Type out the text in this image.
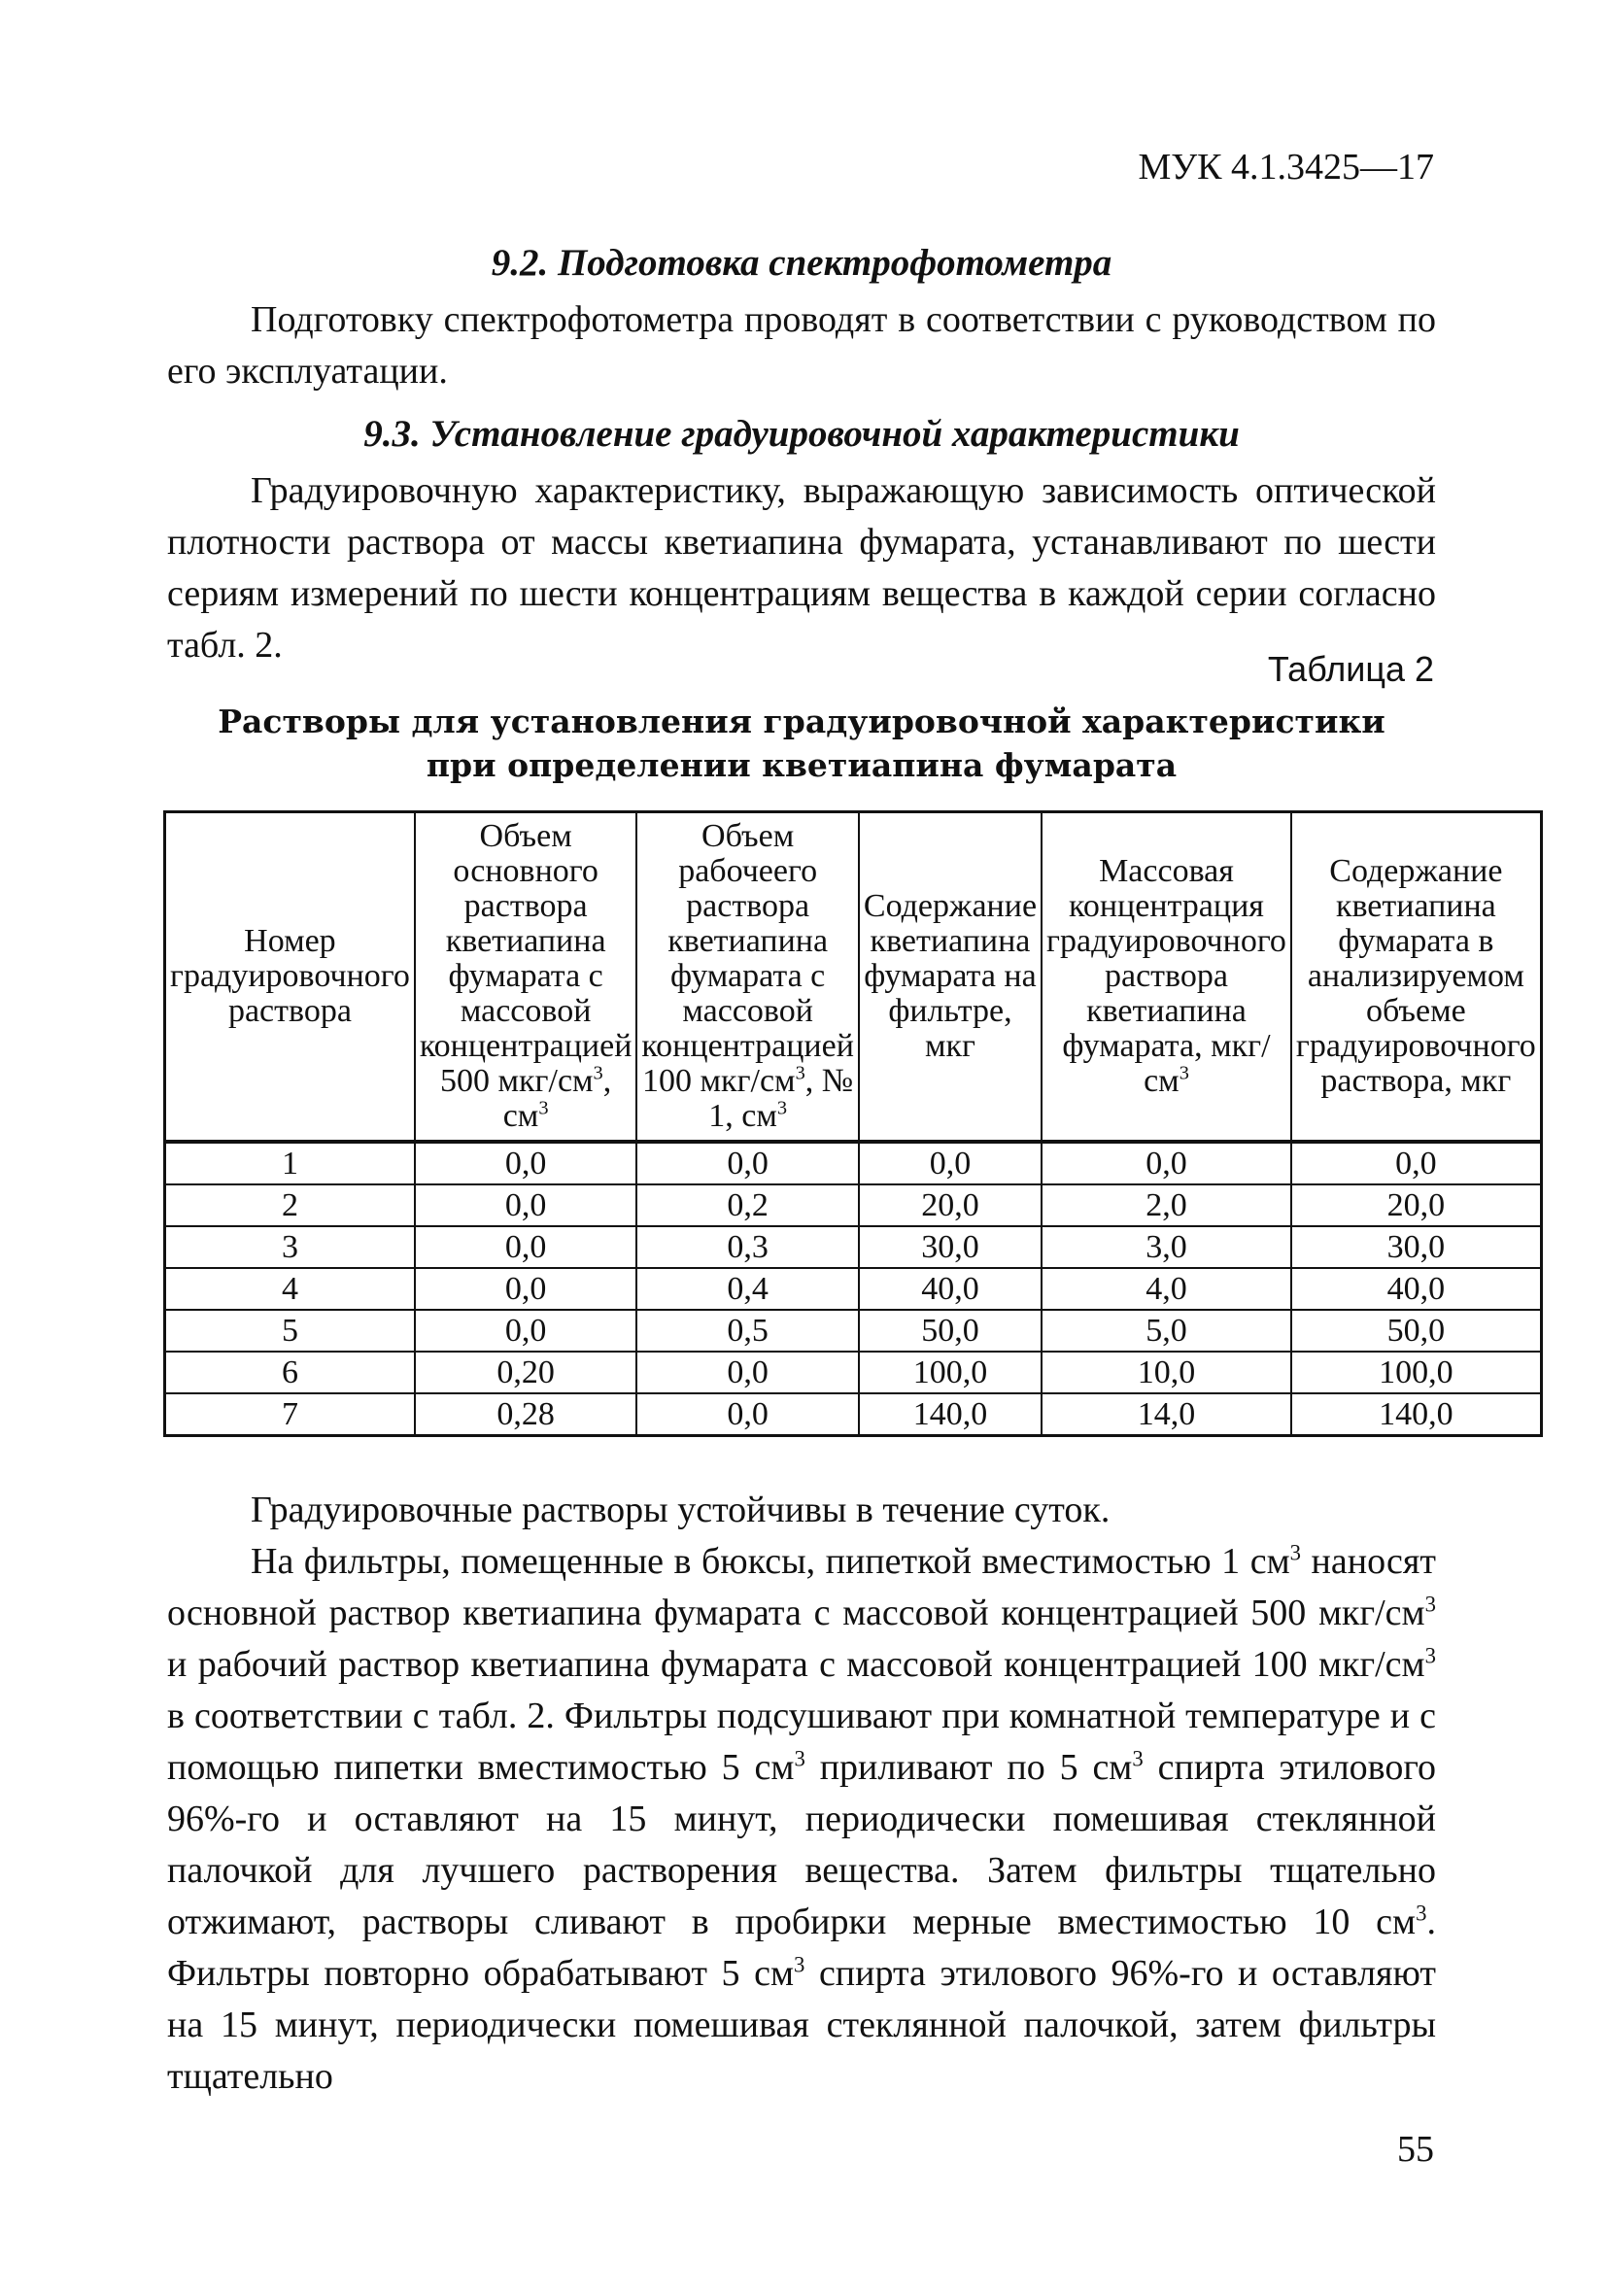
МУК 4.1.3425—17
9.2. Подготовка спектрофотометра

Подготовку спектрофотометра проводят в соответствии с руководством по его эксплуатации.

9.3. Установление градуировочной характеристики

Градуировочную характеристику, выражающую зависимость оптической плотности раствора от массы кветиапина фумарата, устанавливают по шести сериям измерений по шести концентрациям вещества в каждой серии согласно табл. 2.

Таблица 2
Растворы для установления градуировочной характеристики
при определении кветиапина фумарата
Номер градуировочного раствора	Объем основного раствора кветиапина фумарата с массовой концентрацией 500 мкг/$см^3$, $см^3$	Объем рабочеего раствора кветиапина фумарата с массовой концентрацией 100 мкг/$см^3$, № 1, $см^3$	Содержание кветиапина фумарата на фильтре, мкг	Массовая концентрация градуировочного раствора кветиапина фумарата, мкг/$см^3$	Содержание кветиапина фумарата в анализируемом объеме градуировочного раствора, мкг
1	0,0	0,0	0,0	0,0	0,0
2	0,0	0,2	20,0	2,0	20,0
3	0,0	0,3	30,0	3,0	30,0
4	0,0	0,4	40,0	4,0	40,0
5	0,0	0,5	50,0	5,0	50,0
6	0,20	0,0	100,0	10,0	100,0
7	0,28	0,0	140,0	14,0	140,0

Градуировочные растворы устойчивы в течение суток.

На фильтры, помещенные в бюксы, пипеткой вместимостью 1 $см^3$ наносят основной раствор кветиапина фумарата с массовой концентрацией 500 мкг/$см^3$ и рабочий раствор кветиапина фумарата с массовой концентрацией 100 мкг/$см^3$ в соответствии с табл. 2. Фильтры подсушивают при комнатной температуре и с помощью пипетки вместимостью 5 $см^3$ приливают по 5 $см^3$ спирта этилового 96%-го и оставляют на 15 минут, периодически помешивая стеклянной палочкой для лучшего растворения вещества. Затем фильтры тщательно отжимают, растворы сливают в пробирки мерные вместимостью 10 $см^3$. Фильтры повторно обрабатывают 5 $см^3$ спирта этилового 96%-го и оставляют на 15 минут, периодически помешивая стеклянной палочкой, затем фильтры тщательно

55
